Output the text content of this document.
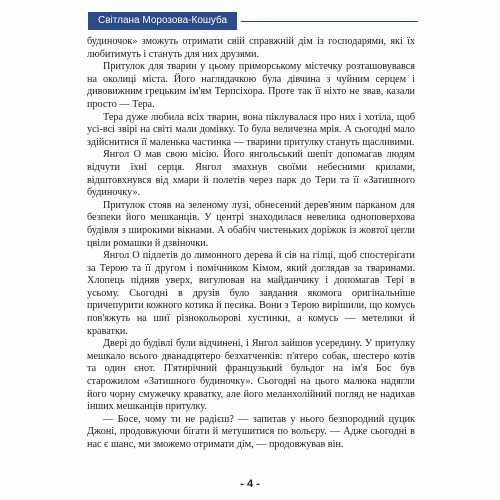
Світлана Морозова-Кошуба

будиночок» зможуть отримати свій справжній дім із господарями, які їх любитимуть і стануть для них друзями.

Притулок для тварин у цьому приморському містечку розташовувався на околиці міста. Його наглядачкою була дівчина з чуйним серцем і дивовижним грецьким ім'ям Терпсіхора. Проте так її ніхто не звав, казали просто — Тера.

Тера дуже любила всіх тварин, вона піклувалася про них і хотіла, щоб усі-всі звірі на світі мали домівку. То була величезна мрія. А сьогодні мало здійснитися її маленька частинка — тварини притулку стануть щасливими.

Янгол О мав свою місію. Його янгольський шепіт допомагав людям відчути їхні серця. Янгол змахнув своїми небесними крилами, відштовхнувся від хмари й полетів через парк до Тери та її «Затишного будиночку».

Притулок стояв на зеленому лузі, обнесений дерев'яним парканом для безпеки його мешканців. У центрі знаходилася невелика одноповерхова будівля з широкими вікнами. А обабіч чистеньких доріжок із жовтої цегли цвіли ромашки й дзвіночки.

Янгол О підлетів до лимонного дерева й сів на гілці, щоб спостерігати за Терою та її другом і помічником Кімом, який доглядав за тваринами. Хлопець підняв уверх, вигулював на майданчику і допомагав Тері в усьому. Сьогодні в друзів було завдання якомога оригінальніше причепурити кожного котика й песика. Вони з Терою вирішили, що комусь пов'яжуть на шиї різнокольорові хустинки, а комусь — метелики й краватки.

Двері до будівлі були відчинені, і Янгол зайшов усередину. У притулку мешкало всього дванадцятеро безхатченків: п'ятеро собак, шестеро котів та один єнот. П'ятирічний французький бульдог на ім'я Бос був старожилом «Затишного будиночку». Сьогодні на цього малюка надягли його чорну смужечку краватку, але його меланхолійний погляд не надихав інших мешканців притулку.

— Босе, чому ти не радієш? — запитав у нього безпородний цуцик Джоні, продовжуючи бігати й метушитися по вольєру. — Адже сьогодні в нас є шанс, ми зможемо отримати дім, — продовжував він.

- 4 -
